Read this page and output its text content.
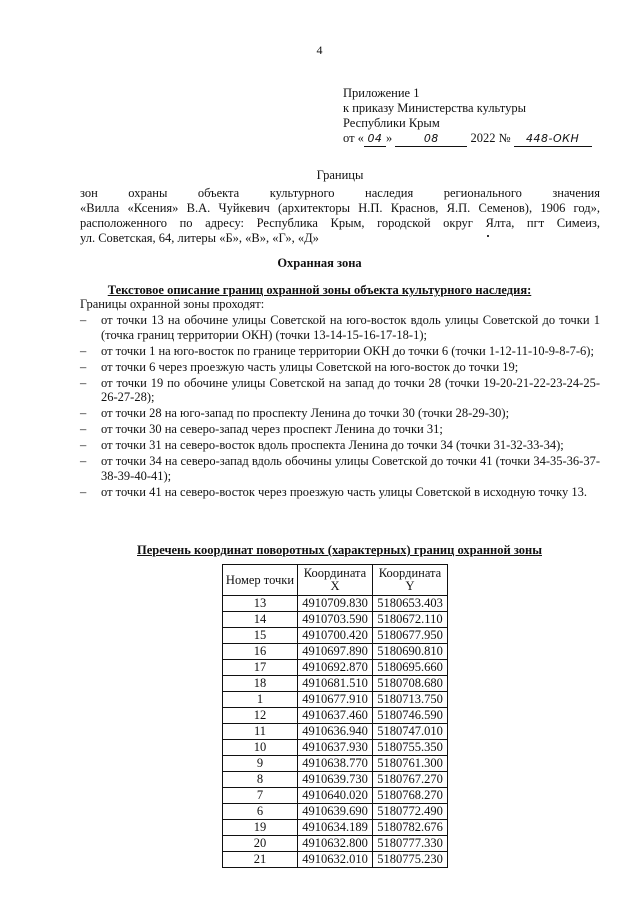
4
Приложение 1
к приказу Министерства культуры
Республики Крым
от « 04 »	08	2022 № 448-ОКН
Границы
зон охраны объекта культурного наследия регионального значения
«Вилла «Ксения» В.А. Чуйкевич (архитекторы Н.П. Краснов, Я.П. Семенов), 1906 год»,
расположенного по адресу: Республика Крым, городской округ Ялта, пгт Симеиз,
ул. Советская, 64, литеры «Б», «В», «Г», «Д»
Охранная зона
Текстовое описание границ охранной зоны объекта культурного наследия:
Границы охранной зоны проходят:
– от точки 13 на обочине улицы Советской на юго-восток вдоль улицы Советской до точки 1 (точка границ территории ОКН) (точки 13-14-15-16-17-18-1);
– от точки 1 на юго-восток по границе территории ОКН до точки 6 (точки 1-12-11-10-9-8-7-6);
– от точки 6 через проезжую часть улицы Советской на юго-восток до точки 19;
– от точки 19 по обочине улицы Советской на запад до точки 28 (точки 19-20-21-22-23-24-25-26-27-28);
– от точки 28 на юго-запад по проспекту Ленина до точки 30 (точки 28-29-30);
– от точки 30 на северо-запад через проспект Ленина до точки 31;
– от точки 31 на северо-восток вдоль проспекта Ленина до точки 34 (точки 31-32-33-34);
– от точки 34 на северо-запад вдоль обочины улицы Советской до точки 41 (точки 34-35-36-37-38-39-40-41);
– от точки 41 на северо-восток через проезжую часть улицы Советской в исходную точку 13.
Перечень координат поворотных (характерных) границ охранной зоны
Номер точки	Координата X	Координата Y
13	4910709.830	5180653.403
14	4910703.590	5180672.110
15	4910700.420	5180677.950
16	4910697.890	5180690.810
17	4910692.870	5180695.660
18	4910681.510	5180708.680
1	4910677.910	5180713.750
12	4910637.460	5180746.590
11	4910636.940	5180747.010
10	4910637.930	5180755.350
9	4910638.770	5180761.300
8	4910639.730	5180767.270
7	4910640.020	5180768.270
6	4910639.690	5180772.490
19	4910634.189	5180782.676
20	4910632.800	5180777.330
21	4910632.010	5180775.230
